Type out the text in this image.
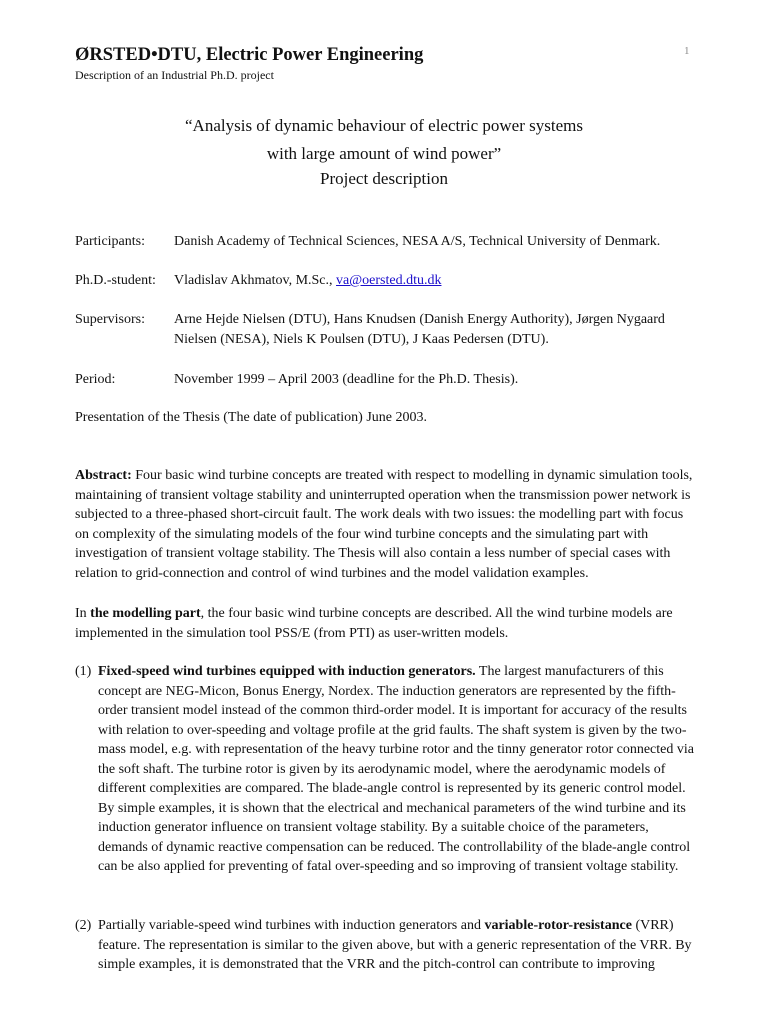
ØRSTED•DTU, Electric Power Engineering
Description of an Industrial Ph.D. project
1
“Analysis of dynamic behaviour of electric power systems
with large amount of wind power”
Project description
Participants: Danish Academy of Technical Sciences, NESA A/S, Technical University of Denmark.
Ph.D.-student: Vladislav Akhmatov, M.Sc., va@oersted.dtu.dk
Supervisors: Arne Hejde Nielsen (DTU), Hans Knudsen (Danish Energy Authority), Jørgen Nygaard Nielsen (NESA), Niels K Poulsen (DTU), J Kaas Pedersen (DTU).
Period:	November 1999 – April 2003 (deadline for the Ph.D. Thesis).
Presentation of the Thesis (The date of publication) June 2003.
Abstract: Four basic wind turbine concepts are treated with respect to modelling in dynamic simulation tools, maintaining of transient voltage stability and uninterrupted operation when the transmission power network is subjected to a three-phased short-circuit fault. The work deals with two issues: the modelling part with focus on complexity of the simulating models of the four wind turbine concepts and the simulating part with investigation of transient voltage stability. The Thesis will also contain a less number of special cases with relation to grid-connection and control of wind turbines and the model validation examples.
In the modelling part, the four basic wind turbine concepts are described. All the wind turbine models are implemented in the simulation tool PSS/E (from PTI) as user-written models.
(1) Fixed-speed wind turbines equipped with induction generators. The largest manufacturers of this concept are NEG-Micon, Bonus Energy, Nordex. The induction generators are represented by the fifth-order transient model instead of the common third-order model. It is important for accuracy of the results with relation to over-speeding and voltage profile at the grid faults. The shaft system is given by the two-mass model, e.g. with representation of the heavy turbine rotor and the tinny generator rotor connected via the soft shaft. The turbine rotor is given by its aerodynamic model, where the aerodynamic models of different complexities are compared. The blade-angle control is represented by its generic control model. By simple examples, it is shown that the electrical and mechanical parameters of the wind turbine and its induction generator influence on transient voltage stability. By a suitable choice of the parameters, demands of dynamic reactive compensation can be reduced. The controllability of the blade-angle control can be also applied for preventing of fatal over-speeding and so improving of transient voltage stability.
(2) Partially variable-speed wind turbines with induction generators and variable-rotor-resistance (VRR) feature. The representation is similar to the given above, but with a generic representation of the VRR. By simple examples, it is demonstrated that the VRR and the pitch-control can contribute to improving
